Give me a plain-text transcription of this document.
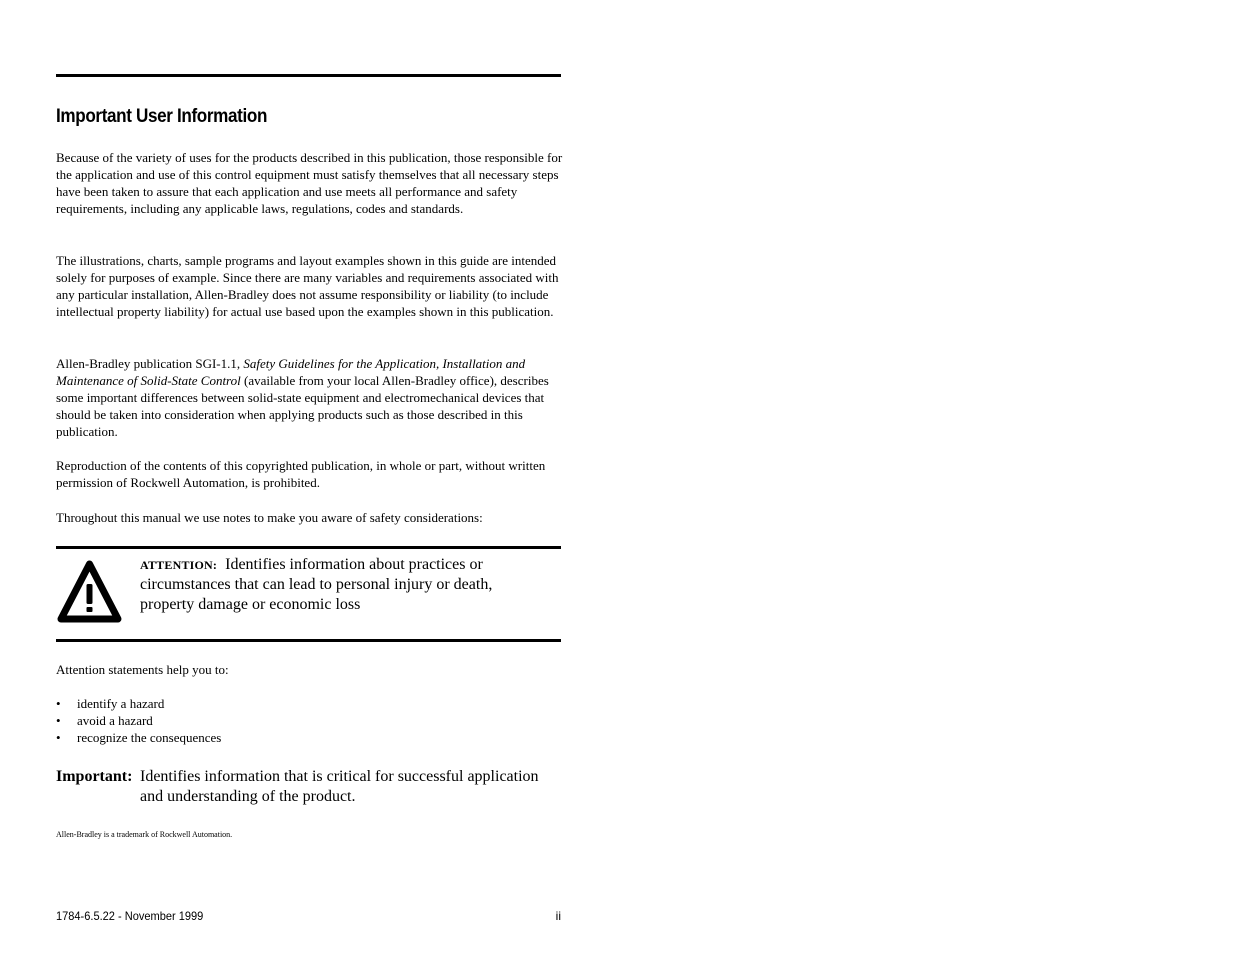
Important User Information

Because of the variety of uses for the products described in this publication, those responsible for the application and use of this control equipment must satisfy themselves that all necessary steps have been taken to assure that each application and use meets all performance and safety requirements, including any applicable laws, regulations, codes and standards.

The illustrations, charts, sample programs and layout examples shown in this guide are intended solely for purposes of example. Since there are many variables and requirements associated with any particular installation, Allen-Bradley does not assume responsibility or liability (to include intellectual property liability) for actual use based upon the examples shown in this publication.

Allen-Bradley publication SGI-1.1, Safety Guidelines for the Application, Installation and Maintenance of Solid-State Control (available from your local Allen-Bradley office), describes some important differences between solid-state equipment and electromechanical devices that should be taken into consideration when applying products such as those described in this publication.

Reproduction of the contents of this copyrighted publication, in whole or part, without written permission of Rockwell Automation, is prohibited.

Throughout this manual we use notes to make you aware of safety considerations:

ATTENTION: Identifies information about practices or circumstances that can lead to personal injury or death, property damage or economic loss

Attention statements help you to:

• identify a hazard
• avoid a hazard
• recognize the consequences
Important: Identifies information that is critical for successful application and understanding of the product.

Allen-Bradley is a trademark of Rockwell Automation.

1784-6.5.22 - November 1999	ii
